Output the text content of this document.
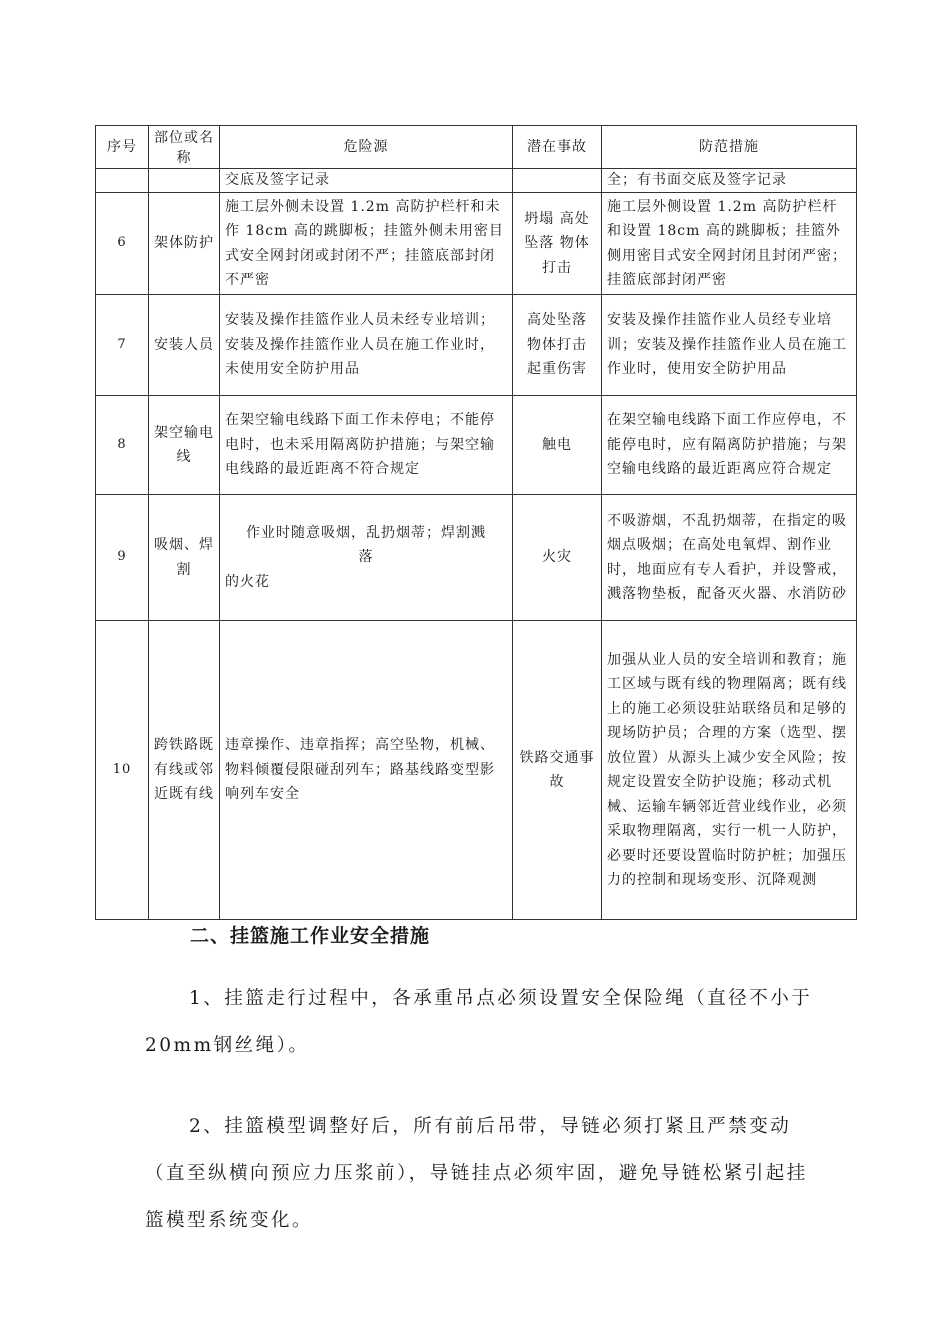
序号	部位或名称	危险源	潜在事故	防范措施
		交底及签字记录		全；有书面交底及签字记录
6	架体防护	施工层外侧未设置 1.2m 高防护栏杆和未作 18cm 高的跳脚板；挂篮外侧未用密目式安全网封闭或封闭不严；挂篮底部封闭不严密	坍塌 高处坠落 物体打击	施工层外侧设置 1.2m 高防护栏杆和设置 18cm 高的跳脚板；挂篮外侧用密目式安全网封闭且封闭严密；挂篮底部封闭严密
7	安装人员	安装及操作挂篮作业人员未经专业培训；安装及操作挂篮作业人员在施工作业时，未使用安全防护用品	高处坠落 物体打击 起重伤害	安装及操作挂篮作业人员经专业培训；安装及操作挂篮作业人员在施工作业时，使用安全防护用品
8	架空输电线	在架空输电线路下面工作未停电；不能停电时，也未采用隔离防护措施；与架空输电线路的最近距离不符合规定	触电	在架空输电线路下面工作应停电，不能停电时，应有隔离防护措施；与架空输电线路的最近距离应符合规定
9	吸烟、焊割	作业时随意吸烟，乱扔烟蒂；焊割溅
落
的火花	火灾	不吸游烟，不乱扔烟蒂，在指定的吸烟点吸烟；在高处电氧焊、割作业时，地面应有专人看护，并设警戒，溅落物垫板，配备灭火器、水消防砂
10	跨铁路既有线或邻近既有线	违章操作、违章指挥；高空坠物，机械、物料倾覆侵限碰刮列车；路基线路变型影响列车安全	铁路交通事故	加强从业人员的安全培训和教育；施工区域与既有线的物理隔离；既有线上的施工必须设驻站联络员和足够的现场防护员；合理的方案（选型、摆放位置）从源头上减少安全风险；按规定设置安全防护设施；移动式机械、运输车辆邻近营业线作业，必须采取物理隔离，实行一机一人防护，必要时还要设置临时防护桩；加强压力的控制和现场变形、沉降观测
二、挂篮施工作业安全措施

1、挂篮走行过程中，各承重吊点必须设置安全保险绳（直径不小于20mm钢丝绳）。

2、挂篮模型调整好后，所有前后吊带，导链必须打紧且严禁变动（直至纵横向预应力压浆前），导链挂点必须牢固，避免导链松紧引起挂篮模型系统变化。
